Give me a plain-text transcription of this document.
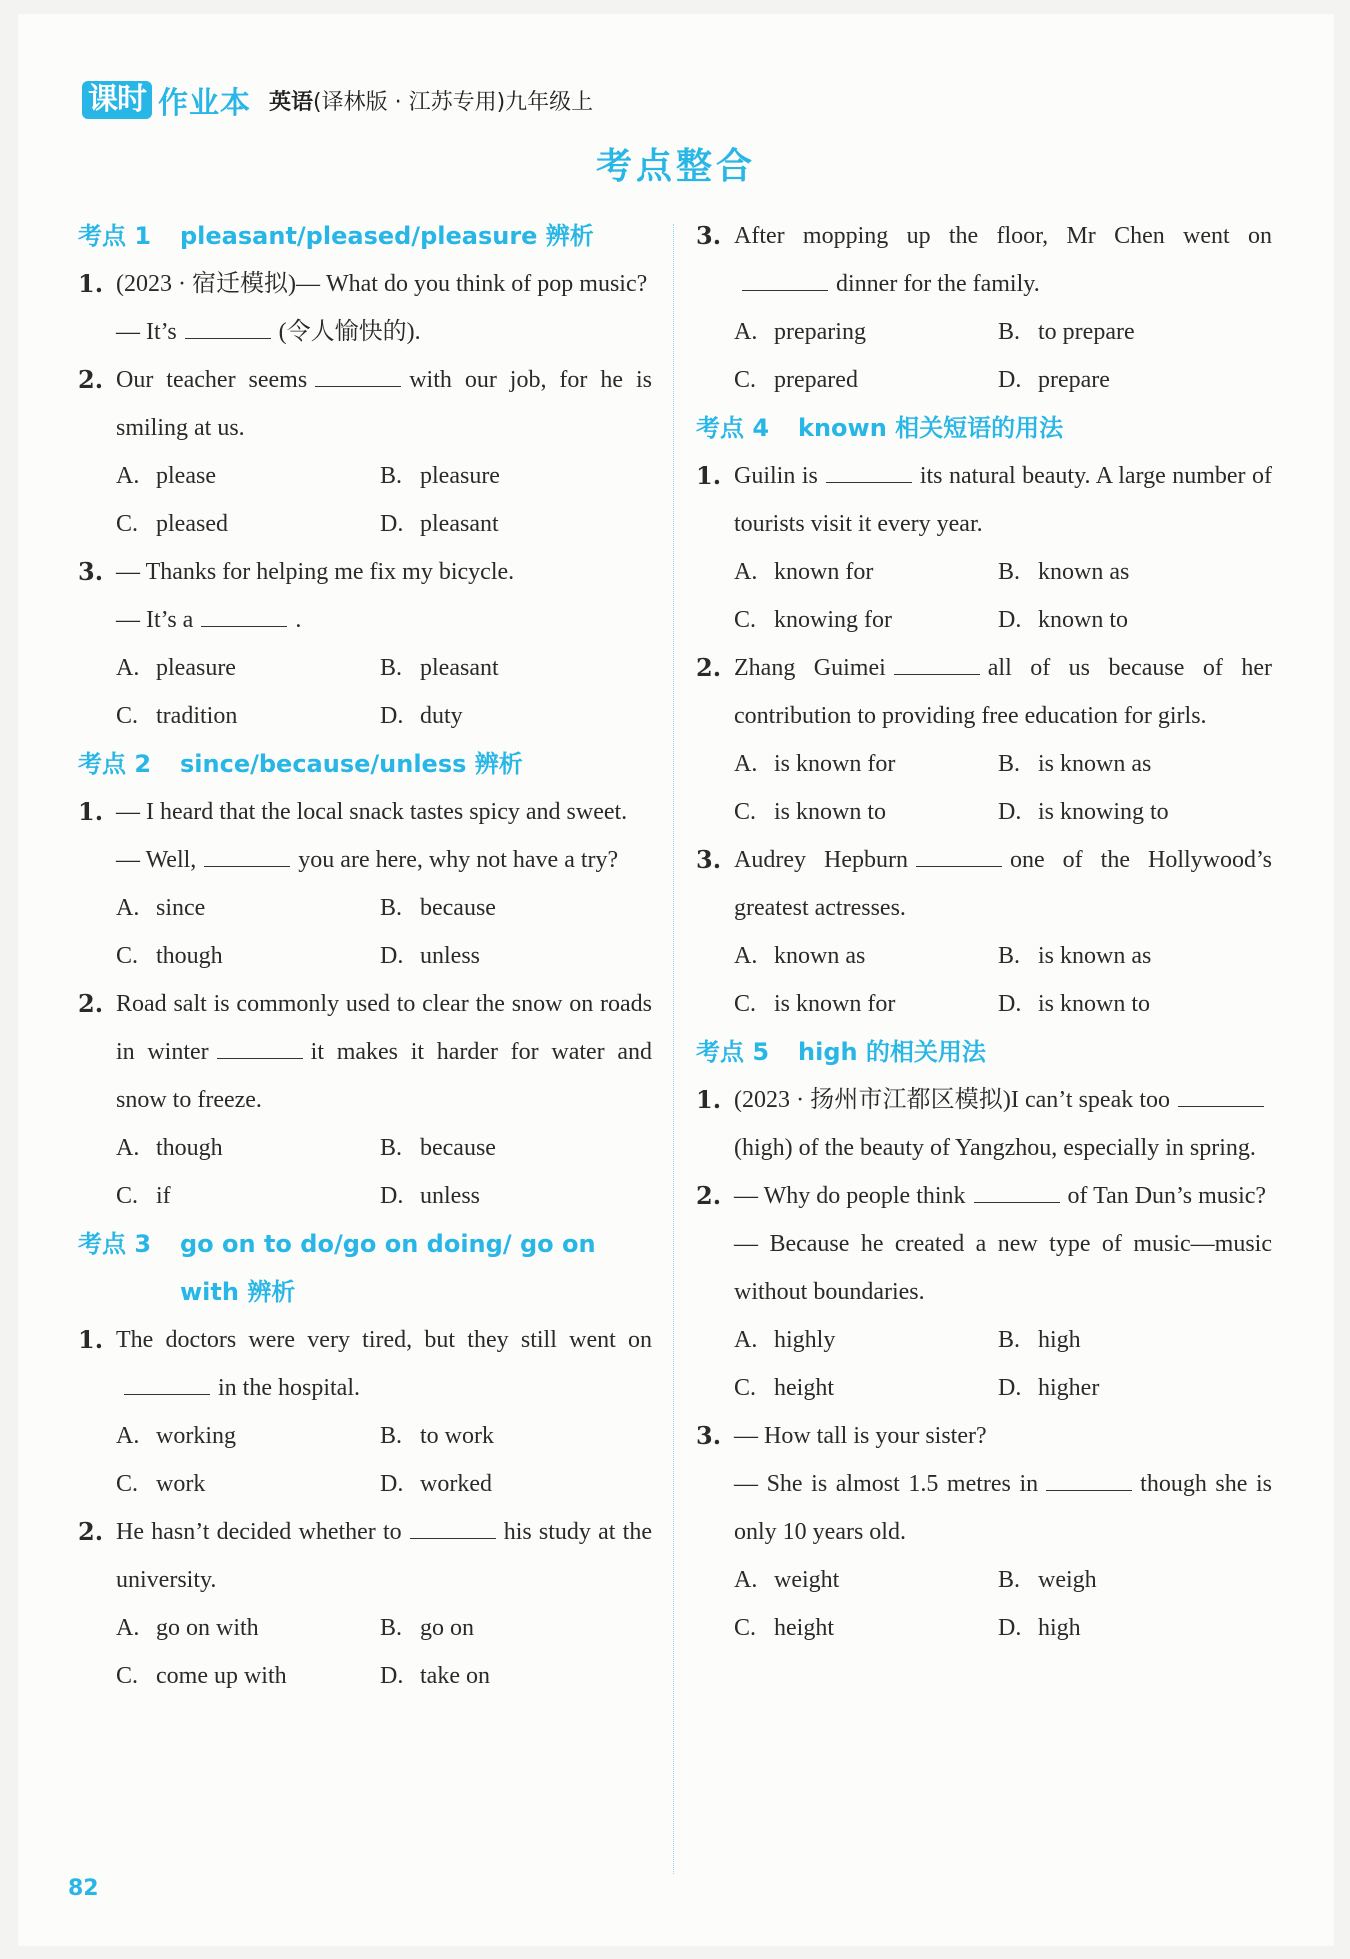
课时 作业本 英语(译林版 · 江苏专用)九年级上
考点整合
考点 1	pleasant/pleased/pleasure 辨析
1. (2023 · 宿迁模拟)— What do you think of pop music?

— It’s	(令人愉快的).

2. Our teacher seems	with our job, for he is smiling at us.

A. please	B. pleasure
C. pleased	D. pleasant
3. — Thanks for helping me fix my bicycle.

— It’s a	.

A. pleasure	B. pleasant
C. tradition	D. duty
考点 2	since/because/unless 辨析
1. — I heard that the local snack tastes spicy and sweet.

— Well,	you are here, why not have a try?

A. since	B. because
C. though	D. unless
2. Road salt is commonly used to clear the snow on roads in winter	it makes it harder for water and snow to freeze.

A. though	B. because
C. if	D. unless
考点 3	go on to do/go on doing/ go on with 辨析
1. The doctors were very tired, but they still went onin the hospital.

A. working	B. to work
C. work	D. worked
2. He hasn’t decided whether to	his study at the university.

A. go on with	B. go on
C. come up with	D. take on
3. After mopping up the floor, Mr Chen went ondinner for the family.

A. preparing	B. to prepare
C. prepared	D. prepare
考点 4	known 相关短语的用法
1. Guilin is	its natural beauty. A large number of tourists visit it every year.

A. known for	B. known as
C. knowing for	D. known to
2. Zhang Guimei	all of us because of her contribution to providing free education for girls.

A. is known for	B. is known as
C. is known to	D. is knowing to
3. Audrey Hepburn	one of the Hollywood’s greatest actresses.

A. known as	B. is known as
C. is known for	D. is known to
考点 5	high 的相关用法
1. (2023 · 扬州市江都区模拟)I can’t speak too(high) of the beauty of Yangzhou, especially in spring.

2. — Why do people think	of Tan Dun’s music?

— Because he created a new type of music—music without boundaries.

A. highly	B. high
C. height	D. higher
3. — How tall is your sister?

— She is almost 1.5 metres in	though she is only 10 years old.

A. weight	B. weigh
C. height	D. high
82
